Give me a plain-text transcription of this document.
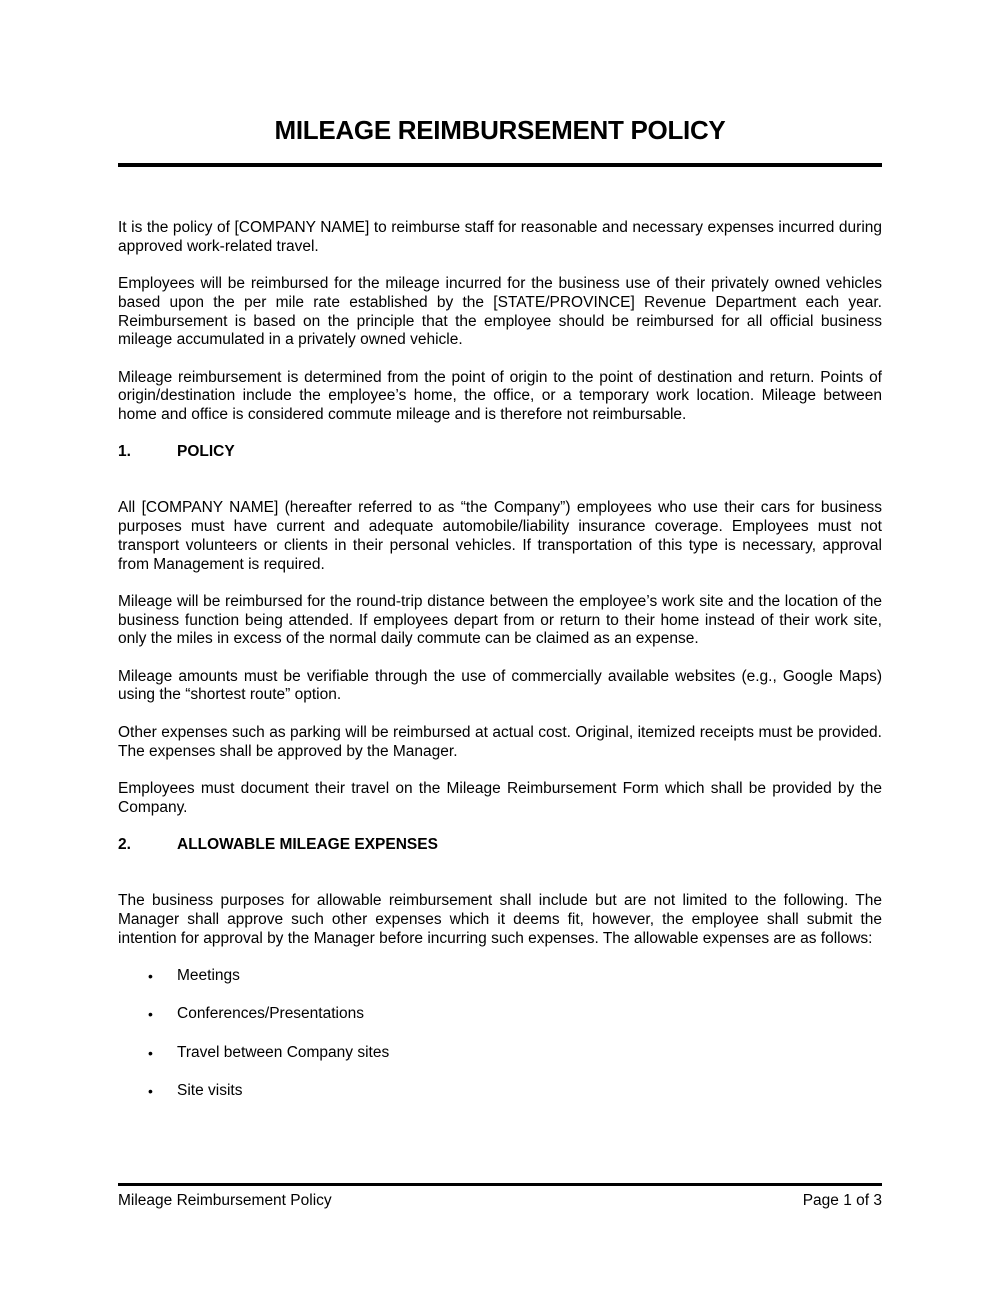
MILEAGE REIMBURSEMENT POLICY

It is the policy of [COMPANY NAME] to reimburse staff for reasonable and necessary expenses incurred during approved work-related travel.

Employees will be reimbursed for the mileage incurred for the business use of their privately owned vehicles based upon the per mile rate established by the [STATE/PROVINCE] Revenue Department each year. Reimbursement is based on the principle that the employee should be reimbursed for all official business mileage accumulated in a privately owned vehicle.

Mileage reimbursement is determined from the point of origin to the point of destination and return. Points of origin/destination include the employee’s home, the office, or a temporary work location. Mileage between home and office is considered commute mileage and is therefore not reimbursable.

1.	POLICY

All [COMPANY NAME] (hereafter referred to as “the Company”) employees who use their cars for business purposes must have current and adequate automobile/liability insurance coverage. Employees must not transport volunteers or clients in their personal vehicles. If transportation of this type is necessary, approval from Management is required.

Mileage will be reimbursed for the round-trip distance between the employee’s work site and the location of the business function being attended. If employees depart from or return to their home instead of their work site, only the miles in excess of the normal daily commute can be claimed as an expense.

Mileage amounts must be verifiable through the use of commercially available websites (e.g., Google Maps) using the “shortest route” option.

Other expenses such as parking will be reimbursed at actual cost. Original, itemized receipts must be provided. The expenses shall be approved by the Manager.

Employees must document their travel on the Mileage Reimbursement Form which shall be provided by the Company.

2.	ALLOWABLE MILEAGE EXPENSES

The business purposes for allowable reimbursement shall include but are not limited to the following. The Manager shall approve such other expenses which it deems fit, however, the employee shall submit the intention for approval by the Manager before incurring such expenses. The allowable expenses are as follows:

•	Meetings
•	Conferences/Presentations
•	Travel between Company sites
•	Site visits
Mileage Reimbursement Policy	Page 1 of 3
